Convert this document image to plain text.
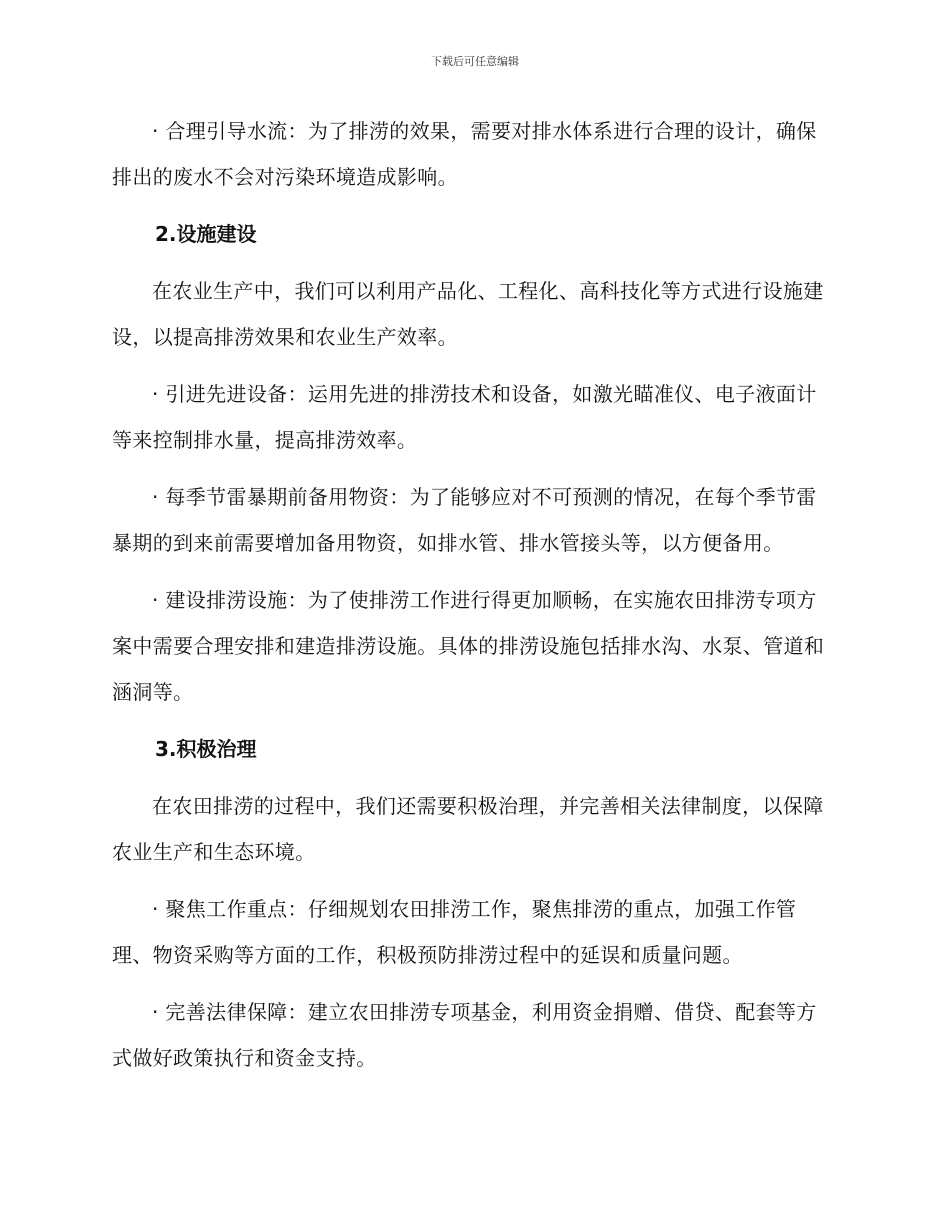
下载后可任意编辑

· 合理引导水流：为了排涝的效果，需要对排水体系进行合理的设计，确保排出的废水不会对污染环境造成影响。

2.设施建设

在农业生产中，我们可以利用产品化、工程化、高科技化等方式进行设施建设，以提高排涝效果和农业生产效率。

· 引进先进设备：运用先进的排涝技术和设备，如激光瞄准仪、电子液面计等来控制排水量，提高排涝效率。

· 每季节雷暴期前备用物资：为了能够应对不可预测的情况，在每个季节雷暴期的到来前需要增加备用物资，如排水管、排水管接头等，以方便备用。

· 建设排涝设施：为了使排涝工作进行得更加顺畅，在实施农田排涝专项方案中需要合理安排和建造排涝设施。具体的排涝设施包括排水沟、水泵、管道和涵洞等。

3.积极治理

在农田排涝的过程中，我们还需要积极治理，并完善相关法律制度，以保障农业生产和生态环境。

· 聚焦工作重点：仔细规划农田排涝工作，聚焦排涝的重点，加强工作管理、物资采购等方面的工作，积极预防排涝过程中的延误和质量问题。

· 完善法律保障：建立农田排涝专项基金，利用资金捐赠、借贷、配套等方式做好政策执行和资金支持。
